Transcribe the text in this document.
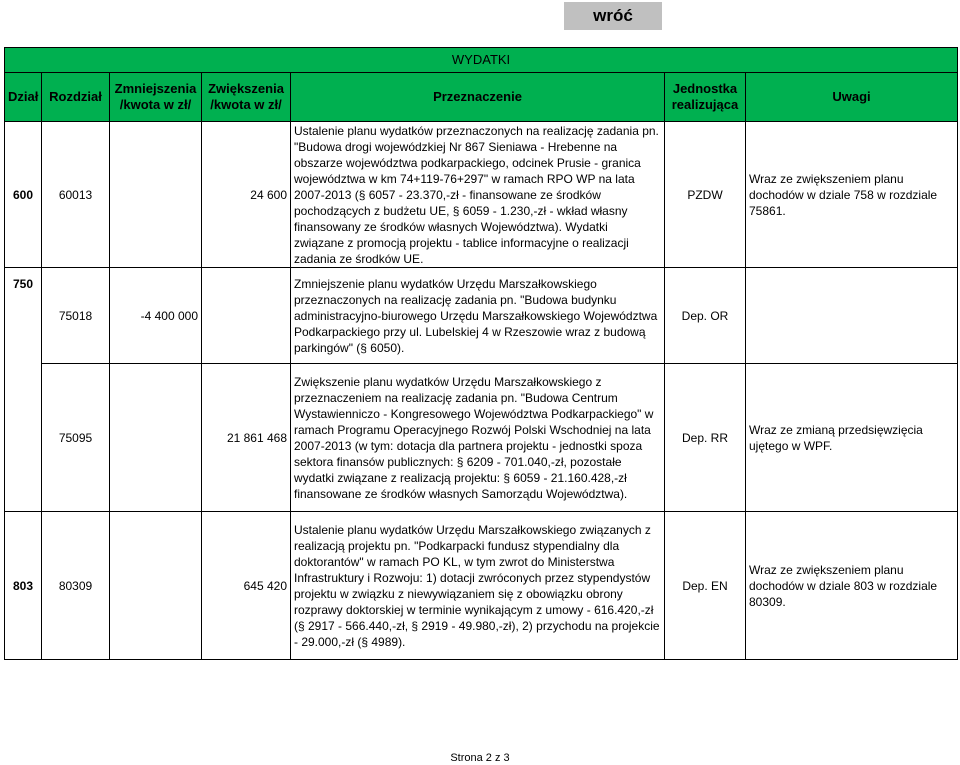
wróć
WYDATKI						
Dział	Rozdział	Zmniejszenia /kwota w zł/	Zwiększenia /kwota w zł/	Przeznaczenie	Jednostka realizująca	Uwagi
600	60013		24 600	Ustalenie planu wydatków przeznaczonych na realizację zadania pn. "Budowa drogi wojewódzkiej Nr 867 Sieniawa - Hrebenne na obszarze województwa podkarpackiego, odcinek Prusie - granica województwa w km 74+119-76+297" w ramach RPO WP na lata 2007-2013 (§ 6057 - 23.370,-zł - finansowane ze środków pochodzących z budżetu UE, § 6059 - 1.230,-zł - wkład własny finansowany ze środków własnych Województwa). Wydatki związane z promocją projektu - tablice informacyjne o realizacji zadania ze środków UE.	PZDW	Wraz ze zwiększeniem planu dochodów w dziale 758 w rozdziale 75861.
750	75018	-4 400 000		Zmniejszenie planu wydatków Urzędu Marszałkowskiego przeznaczonych na realizację zadania pn. "Budowa budynku administracyjno-biurowego Urzędu Marszałkowskiego Województwa Podkarpackiego przy ul. Lubelskiej 4 w Rzeszowie wraz z budową parkingów" (§ 6050).	Dep. OR	
	75095		21 861 468	Zwiększenie planu wydatków Urzędu Marszałkowskiego z przeznaczeniem na realizację zadania pn. "Budowa Centrum Wystawienniczo - Kongresowego Województwa Podkarpackiego" w ramach Programu Operacyjnego Rozwój Polski Wschodniej na lata 2007-2013 (w tym: dotacja dla partnera projektu - jednostki spoza sektora finansów publicznych: § 6209 - 701.040,-zł, pozostałe wydatki związane z realizacją projektu: § 6059 - 21.160.428,-zł finansowane ze środków własnych Samorządu Województwa).	Dep. RR	Wraz ze zmianą przedsięwzięcia ujętego w WPF.
803	80309		645 420	Ustalenie planu wydatków Urzędu Marszałkowskiego związanych z realizacją projektu pn. "Podkarpacki fundusz stypendialny dla doktorantów" w ramach PO KL, w tym zwrot do Ministerstwa Infrastruktury i Rozwoju: 1) dotacji zwróconych przez stypendystów projektu w związku z niewywiązaniem się z obowiązku obrony rozprawy doktorskiej w terminie wynikającym z umowy - 616.420,-zł (§ 2917 - 566.440,-zł, § 2919 - 49.980,-zł), 2) przychodu na projekcie - 29.000,-zł (§ 4989).	Dep. EN	Wraz ze zwiększeniem planu dochodów w dziale 803 w rozdziale 80309.
Strona 2 z 3
